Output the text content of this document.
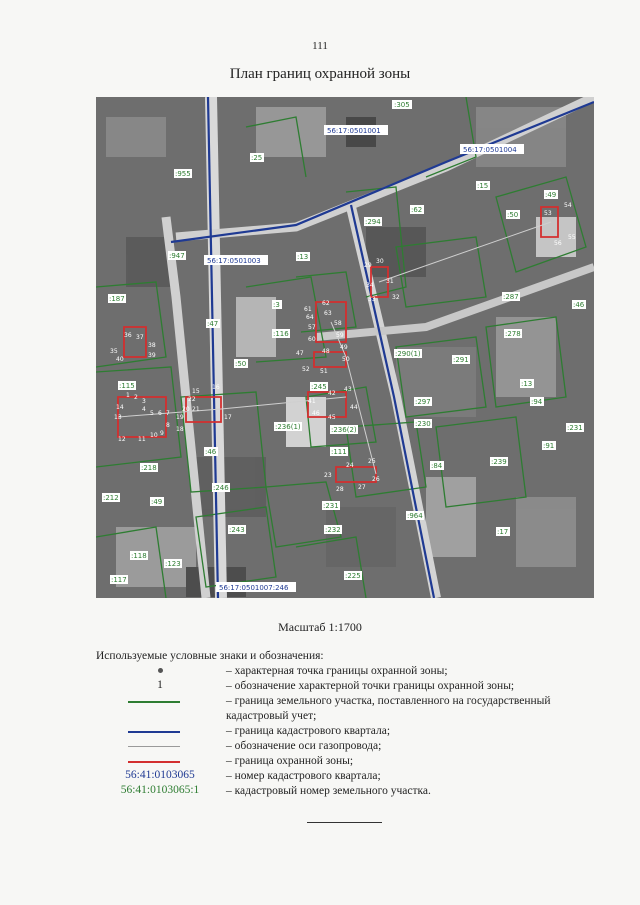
111
План границ охранной зоны
56:17:0501001
56:17:0501004
56:17:0501003
56:17:0501007:246
:305
:25
:955
:15
:294
:62
:50
:49
:947	:13
:287
:46
:187
:47
:3
:116	:278
:290(1)
:291
:115
:50
:245
:297
:13
:94
:236(1)	:236(2)
:230	:231
:218
:46	:111
:84	:239
:91
:212	:49
:246
:231
:243
:964
:232	:17
:118
:123
:117	:225
1 2
3
4
5 6 7
8
9
10
11
12
13
14
15
16
17
18
19
20 21
22
23
24
25
26
27
28
29
30
31
32
33
34
35
36 37
38
39
40
41
42
43
44
45
46
47	48
49
50
51
52
53
54
55
56
57
58
59
60
61
62
63
64
Масштаб 1:1700
Используемые условные знаки и обозначения:
– характерная точка границы охранной зоны;
1	– обозначение характерной точки границы охранной зоны;
– граница земельного участка, поставленного на государственный
кадастровый учет;
– граница кадастрового квартала;
– обозначение оси газопровода;
– граница охранной зоны;
56:41:0103065	– номер кадастрового квартала;
56:41:0103065:1	– кадастровый номер земельного участка.
